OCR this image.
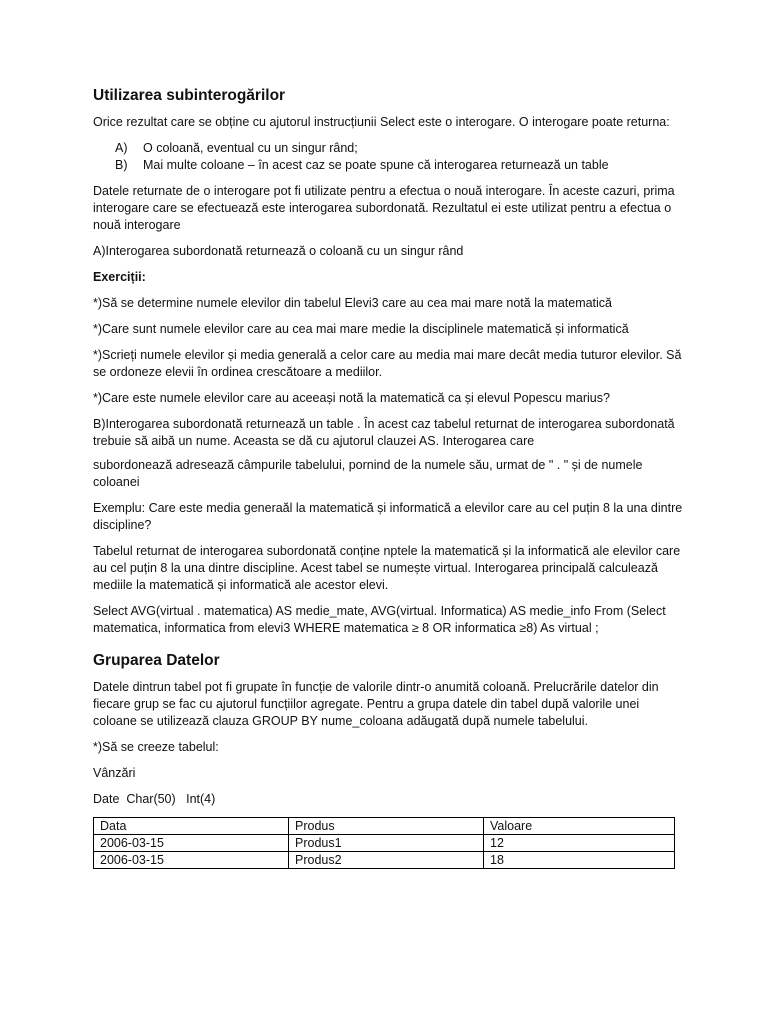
Utilizarea subinterogărilor

Orice rezultat care se obține cu ajutorul instrucțiunii Select este o interogare. O interogare poate returna:

A)	O coloană, eventual cu un singur rând;
B)	Mai multe coloane – în acest caz se poate spune că interogarea returnează un table

Datele returnate de o interogare pot fi utilizate pentru a efectua o nouă interogare. În aceste cazuri, prima interogare care se efectuează este interogarea subordonată. Rezultatul ei este utilizat pentru a efectua o nouă interogare

A)Interogarea subordonată returnează o coloană cu un singur rând

Exerciții:

*)Să se determine numele elevilor din tabelul Elevi3 care au cea mai mare notă la matematică

*)Care sunt numele elevilor care au cea mai mare medie la disciplinele matematică și informatică

*)Scrieți numele elevilor și media generală a celor care au media mai mare decât media tuturor elevilor. Să se ordoneze elevii în ordinea crescătoare a mediilor.

*)Care este numele elevilor care au aceeași notă la matematică ca și elevul Popescu marius?

B)Interogarea subordonată returnează un table . În acest caz tabelul returnat de interogarea subordonată trebuie să aibă un nume. Aceasta se dă cu ajutorul clauzei AS. Interogarea care

subordonează adresează câmpurile tabelului, pornind de la numele său, urmat de " . " și de numele coloanei

Exemplu: Care este media generaăl la matematică și informatică a elevilor care au cel puțin 8 la una dintre discipline?

Tabelul returnat de interogarea subordonată conține nptele la matematică și la informatică ale elevilor care au cel puțin 8 la una dintre discipline. Acest tabel se numește virtual. Interogarea principală calculează mediile la matematică și informatică ale acestor elevi.

Select AVG(virtual . matematica) AS medie_mate, AVG(virtual. Informatica) AS medie_info From (Select matematica, informatica from elevi3 WHERE matematica ≥ 8 OR informatica ≥8) As virtual ;

Gruparea Datelor

Datele dintrun tabel pot fi grupate în funcție de valorile dintr-o anumită coloană. Prelucrările datelor din fiecare grup se fac cu ajutorul funcțiilor agregate. Pentru a grupa datele din tabel după valorile unei coloane se utilizează clauza GROUP BY nume_coloana adăugată după numele tabelului.

*)Să se creeze tabelul:

Vânzări

Date  Char(50)   Int(4)

Data	Produs	Valoare
2006-03-15	Produs1	12
2006-03-15	Produs2	18
